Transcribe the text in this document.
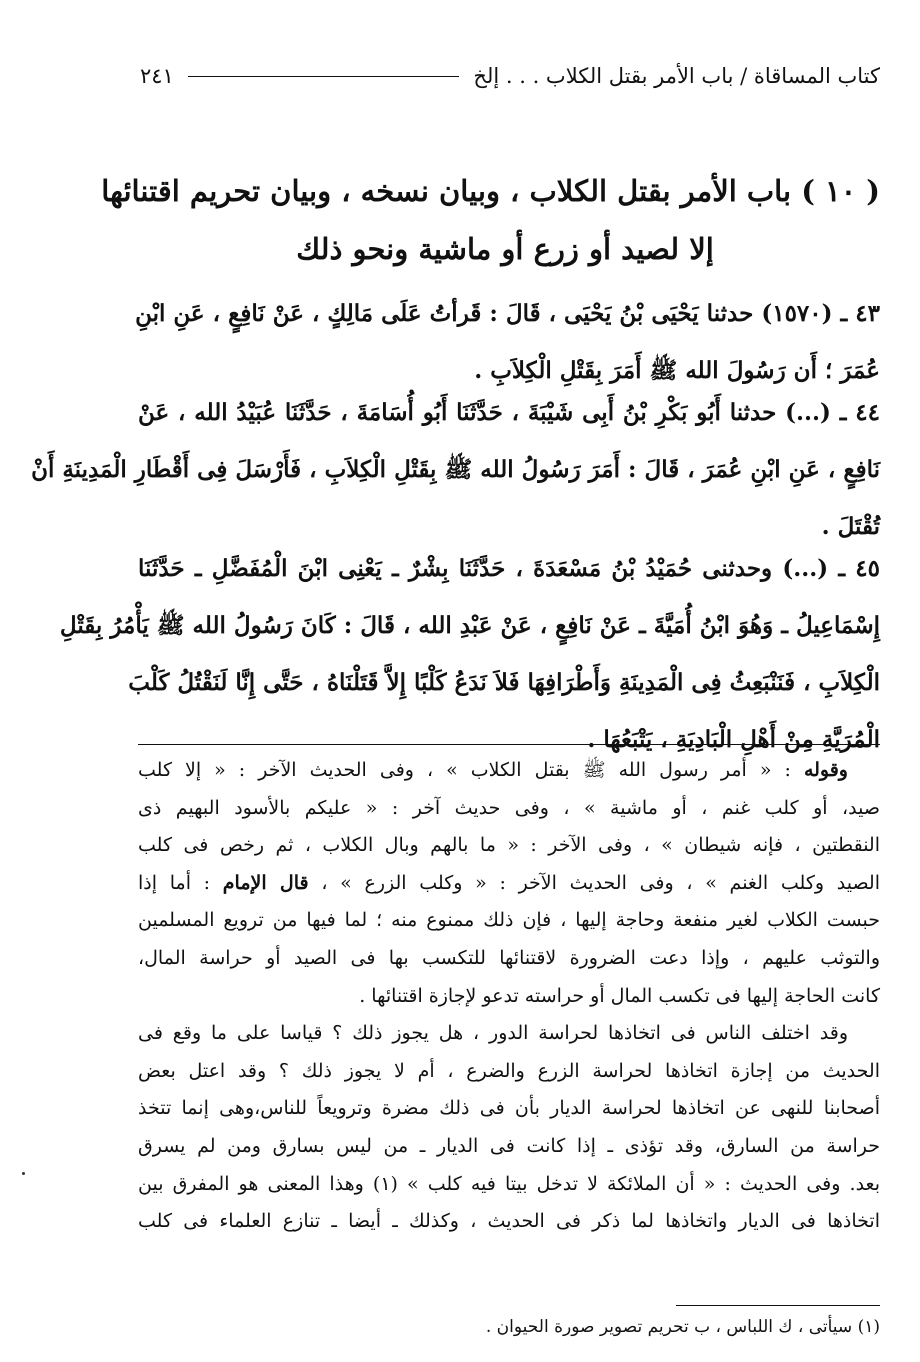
كتاب المساقاة / باب الأمر بقتل الكلاب . . . إلخ
٢٤١
( ١٠ ) باب الأمر بقتل الكلاب ، وبيان نسخه ، وبيان تحريم اقتنائها
إلا لصيد أو زرع أو ماشية ونحو ذلك
٤٣ ـ (١٥٧٠) حدثنا يَحْيَى بْنُ يَحْيَى ، قَالَ : قَرأتُ عَلَى مَالِكٍ ، عَنْ نَافِعٍ ، عَنِ ابْنِ
عُمَرَ ؛ أَن رَسُولَ الله ﷺ أَمَرَ بِقَتْلِ الْكِلاَبِ .
٤٤ ـ (...) حدثنا أَبُو بَكْرِ بْنُ أَبِى شَيْبَةَ ، حَدَّثَنَا أَبُو أُسَامَةَ ، حَدَّثَنَا عُبَيْدُ الله ، عَنْ
نَافِعٍ ، عَنِ ابْنِ عُمَرَ ، قَالَ : أَمَرَ رَسُولُ الله ﷺ بِقَتْلِ الْكِلاَبِ ، فَأَرْسَلَ فِى أَقْطَارِ الْمَدِينَةِ أَنْ
تُقْتَلَ .
٤٥ ـ (...) وحدثنى حُمَيْدُ بْنُ مَسْعَدَةَ ، حَدَّثَنَا بِشْرٌ ـ يَعْنِى ابْنَ الْمُفَضَّلِ ـ حَدَّثَنَا
إِسْمَاعِيلُ ـ وَهُوَ ابْنُ أُمَيَّةَ ـ عَنْ نَافِعٍ ، عَنْ عَبْدِ الله ، قَالَ : كَانَ رَسُولُ الله ﷺ يَأْمُرُ بِقَتْلِ
الْكِلاَبِ ، فَنَنْبَعِثُ فِى الْمَدِينَةِ وَأَطْرَافِهَا فَلاَ نَدَعُ كَلْبًا إِلاَّ قَتَلْنَاهُ ، حَتَّى إِنَّا لَنَقْتُلُ كَلْبَ
الْمُرَيَّةِ مِنْ أَهْلِ الْبَادِيَةِ ، يَتْبَعُهَا .
وقوله : « أمر رسول الله ﷺ بقتل الكلاب » ، وفى الحديث الآخر : « إلا كلب
صيد، أو كلب غنم ، أو ماشية » ، وفى حديث آخر : « عليكم بالأسود البهيم ذى
النقطتين ، فإنه شيطان » ، وفى الآخر : « ما بالهم وبال الكلاب ، ثم رخص فى كلب
الصيد وكلب الغنم » ، وفى الحديث الآخر : « وكلب الزرع » ، قال الإمام : أما إذا
حبست الكلاب لغير منفعة وحاجة إليها ، فإن ذلك ممنوع منه ؛ لما فيها من ترويع المسلمين
والتوثب عليهم ، وإذا دعت الضرورة لاقتنائها للتكسب بها فى الصيد أو حراسة المال،
كانت الحاجة إليها فى تكسب المال أو حراسته تدعو لإجازة اقتنائها .
وقد اختلف الناس فى اتخاذها لحراسة الدور ، هل يجوز ذلك ؟ قياسا على ما وقع فى
الحديث من إجازة اتخاذها لحراسة الزرع والضرع ، أم لا يجوز ذلك ؟ وقد اعتل بعض
أصحابنا للنهى عن اتخاذها لحراسة الديار بأن فى ذلك مضرة وترويعاً للناس،وهى إنما تتخذ
حراسة من السارق، وقد تؤذى ـ إذا كانت فى الديار ـ من ليس بسارق ومن لم يسرق
بعد. وفى الحديث : « أن الملائكة لا تدخل بيتا فيه كلب » (١) وهذا المعنى هو المفرق بين
اتخاذها فى الديار واتخاذها لما ذكر فى الحديث ، وكذلك ـ أيضا ـ تنازع العلماء فى كلب
(١) سيأتى ، ك اللباس ، ب تحريم تصوير صورة الحيوان .
